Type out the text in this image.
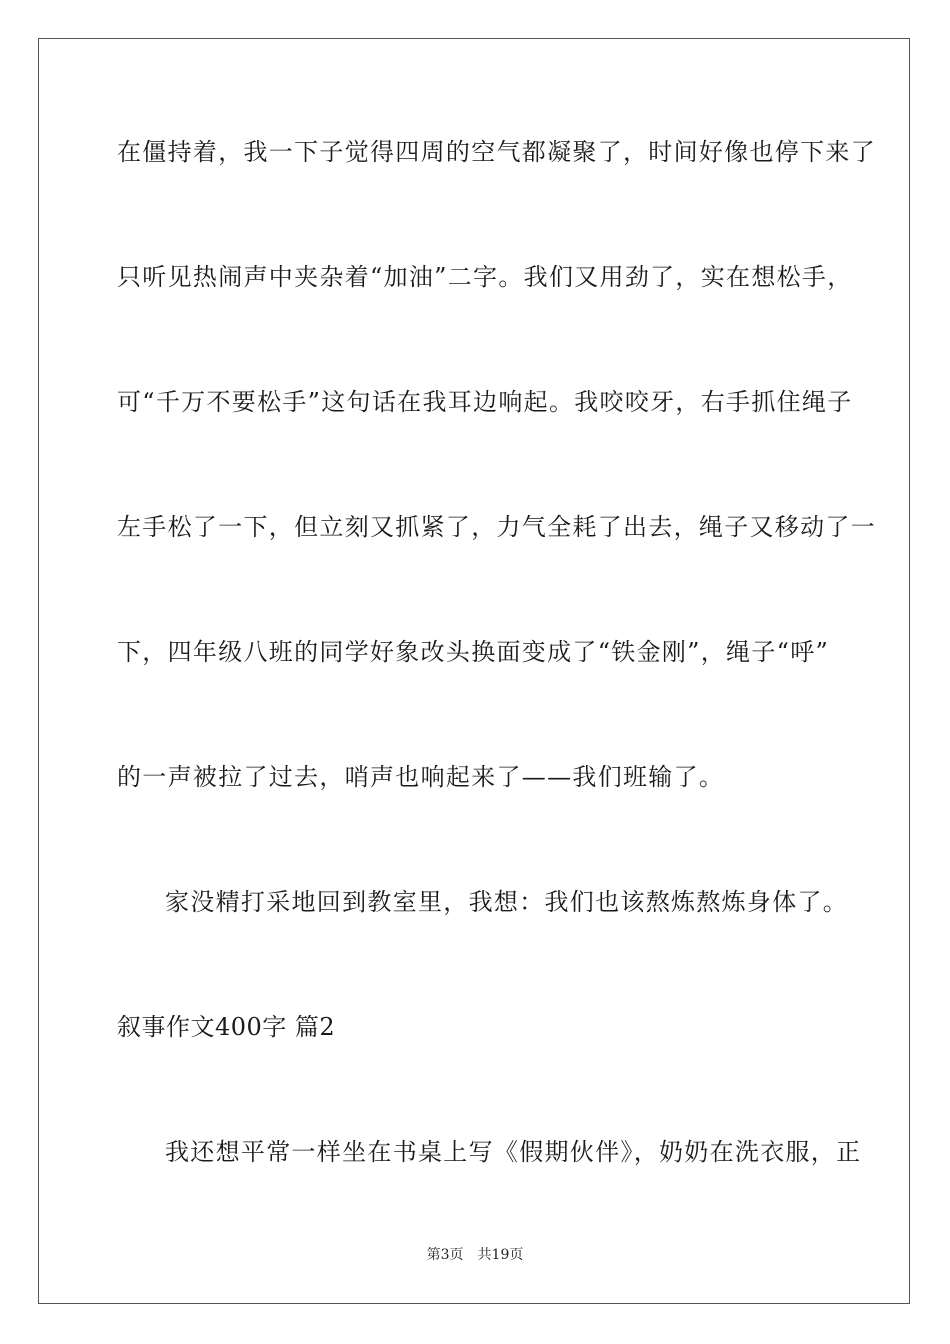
在僵持着，我一下子觉得四周的空气都凝聚了，时间好像也停下来了
只听见热闹声中夹杂着“加油”二字。我们又用劲了，实在想松手，
可“千万不要松手”这句话在我耳边响起。我咬咬牙，右手抓住绳子
左手松了一下，但立刻又抓紧了，力气全耗了出去，绳子又移动了一
下，四年级八班的同学好象改头换面变成了“铁金刚”，绳子“呼”
的一声被拉了过去，哨声也响起来了——我们班输了。
家没精打采地回到教室里，我想：我们也该熬炼熬炼身体了。
叙事作文400字 篇2
我还想平常一样坐在书桌上写《假期伙伴》，奶奶在洗衣服，正
第3页 共19页
